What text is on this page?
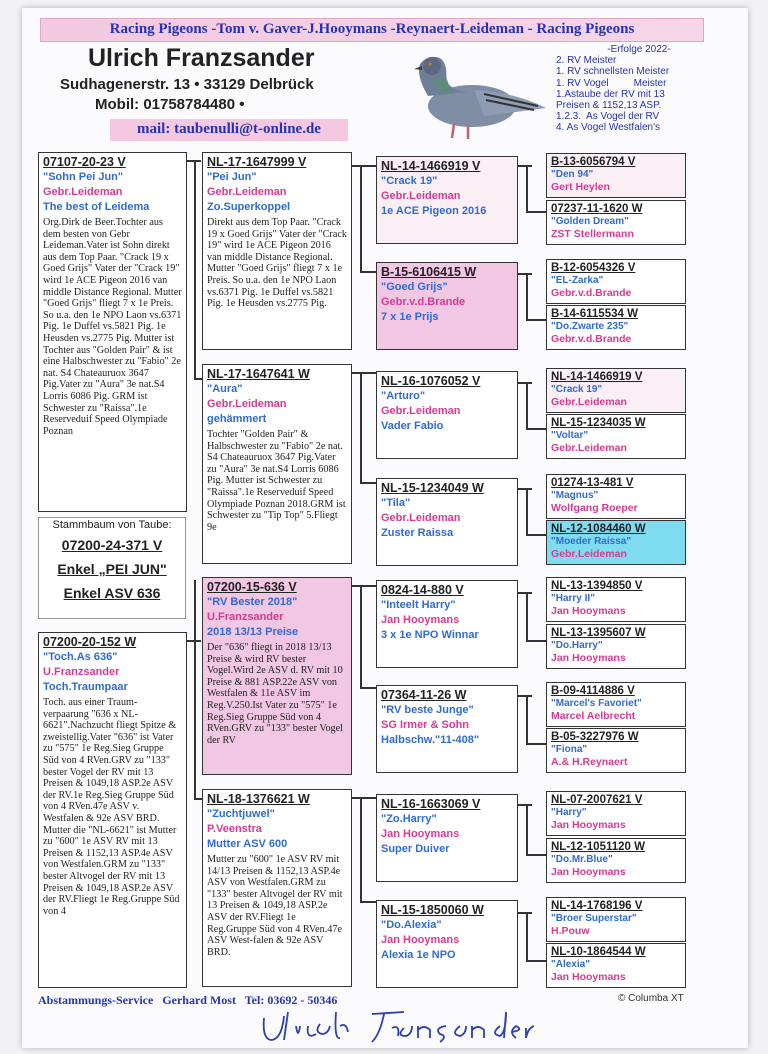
Racing Pigeons -Tom v. Gaver-J.Hooymans -Reynaert-Leideman - Racing Pigeons
Ulrich Franzsander
Sudhagenerstr. 13 • 33129 Delbrück
Mobil: 01758784480 •
mail: taubenulli@t-online.de
-Erfolge 2022-
2. RV Meister
1. RV schnellsten Meister
1. RV Vogel         Meister
1.Astaube der RV mit 13
Preisen & 1152,13 ASP.
1.2.3.  As Vogel der RV
4. As Vogel Westfalen's
07107-20-23 V
"Sohn Pei Jun"
Gebr.Leideman
The best of Leidema
Org.Dirk de Beer.Tochter aus dem besten von Gebr Leideman.Vater ist Sohn direkt aus dem Top Paar. "Crack 19 x Goed Grijs" Vater der "Crack 19" wird 1e ACE Pigeon 2016 van middle Distance Regional. Mutter "Goed Grijs" fliegt 7 x 1e Preis. So u.a. den 1e NPO Laon vs.6371 Pig. 1e Duffel vs.5821 Pig. 1e Heusden vs.2775 Pig. Mutter ist Tochter aus "Golden Pair" & ist eine Halbschwester zu "Fabio" 2e nat. S4 Chateauruox 3647 Pig.Vater zu "Aura" 3e nat.S4 Lorris 6086 Pig. GRM ist Schwester zu "Raissa".1e Reserveduif Speed Olympiade Poznan
Stammbaum von Taube:
07200-24-371 V
Enkel „PEI JUN"
Enkel ASV 636
07200-20-152 W
"Toch.As 636"
U.Franzsander
Toch.Traumpaar
Toch. aus einer Traum-verpaarung "636 x NL-6621".Nachzucht fliegt Spitze & zweistellig.Vater "636" ist Vater zu "575" 1e Reg.Sieg Gruppe Süd von 4 RVen.GRV zu "133" bester Vogel der RV mit 13 Preisen & 1049,18 ASP.2e ASV der RV.1e Reg.Sieg Gruppe Süd von 4 RVen.47e ASV v. Westfalen & 92e ASV BRD. Mutter die "NL-6621" ist Mutter zu "600" 1e ASV RV mit 13 Preisen & 1152,13 ASP.4e ASV von Westfalen.GRM zu "133" bester Altvogel der RV mit 13 Preisen & 1049,18 ASP.2e ASV der RV.Fliegt 1e Reg.Gruppe Süd von 4
NL-17-1647999 V
"Pei Jun"
Gebr.Leideman
Zo.Superkoppel
Direkt aus dem Top Paar. "Crack 19 x Goed Grijs" Vater der "Crack 19" wird 1e ACE Pigeon 2016 van middle Distance Regional. Mutter "Goed Grijs" fliegt 7 x 1e Preis. So u.a. den 1e NPO Laon vs.6371 Pig. 1e Duffel vs.5821 Pig. 1e Heusden vs.2775 Pig.
NL-17-1647641 W
"Aura"
Gebr.Leideman
gehämmert
Tochter "Golden Pair" & Halbschwester zu "Fabio" 2e nat. S4 Chateauruox 3647 Pig.Vater zu "Aura" 3e nat.S4 Lorris 6086 Pig. Mutter ist Schwester zu "Raissa".1e Reserveduif Speed Olympiade Poznan 2018.GRM ist Schwester zu "Tip Top" 5.Fliegt 9e
07200-15-636 V
"RV Bester 2018"
U.Franzsander
2018 13/13 Preise
Der "636" fliegt in 2018 13/13 Preise & wird RV bester Vogel.Wird 2e ASV d. RV mit 10 Preise & 881 ASP.22e ASV von Westfalen & 11e ASV im Reg.V.250.Ist Vater zu "575" 1e Reg.Sieg Gruppe Süd von 4 RVen.GRV zu "133" bester Vogel der RV
NL-18-1376621 W
"Zuchtjuwel"
P.Veenstra
Mutter ASV 600
Mutter zu "600" 1e ASV RV mit 14/13 Preisen & 1152,13 ASP.4e ASV von Westfalen.GRM zu "133" bester Altvogel der RV mit 13 Preisen & 1049,18 ASP.2e ASV der RV.Fliegt 1e Reg.Gruppe Süd von 4 RVen.47e ASV West-falen & 92e ASV BRD.
NL-14-1466919 V
"Crack 19"
Gebr.Leideman
1e ACE Pigeon 2016
B-15-6106415 W
"Goed Grijs"
Gebr.v.d.Brande
7 x 1e Prijs
NL-16-1076052 V
"Arturo"
Gebr.Leideman
Vader Fabio
NL-15-1234049 W
"Tila"
Gebr.Leideman
Zuster Raissa
0824-14-880 V
"Inteelt Harry"
Jan Hooymans
3 x 1e NPO Winnar
07364-11-26 W
"RV beste Junge"
SG Irmer & Sohn
Halbschw."11-408"
NL-16-1663069 V
"Zo.Harry"
Jan Hooymans
Super Duiver
NL-15-1850060 W
"Do.Alexia"
Jan Hooymans
Alexia 1e NPO
B-13-6056794 V
"Den 94"
Gert Heylen
07237-11-1620 W
"Golden Dream"
ZST Stellermann
B-12-6054326 V
"EL-Zarka"
Gebr.v.d.Brande
B-14-6115534 W
"Do.Zwarte 235"
Gebr.v.d.Brande
NL-14-1466919 V
"Crack 19"
Gebr.Leideman
NL-15-1234035 W
"Voltar"
Gebr.Leideman
01274-13-481 V
"Magnus"
Wolfgang Roeper
NL-12-1084460 W
"Moeder Raissa"
Gebr.Leideman
NL-13-1394850 V
"Harry II"
Jan Hooymans
NL-13-1395607 W
"Do.Harry"
Jan Hooymans
B-09-4114886 V
"Marcel's Favoriet"
Marcel Aelbrecht
B-05-3227976 W
"Fiona"
A.& H.Reynaert
NL-07-2007621 V
"Harry"
Jan Hooymans
NL-12-1051120 W
"Do.Mr.Blue"
Jan Hooymans
NL-14-1768196 V
"Broer Superstar"
H.Pouw
NL-10-1864544 W
"Alexia"
Jan Hooymans
Abstammungs-Service   Gerhard Most   Tel: 03692 - 50346	© Columba XT
